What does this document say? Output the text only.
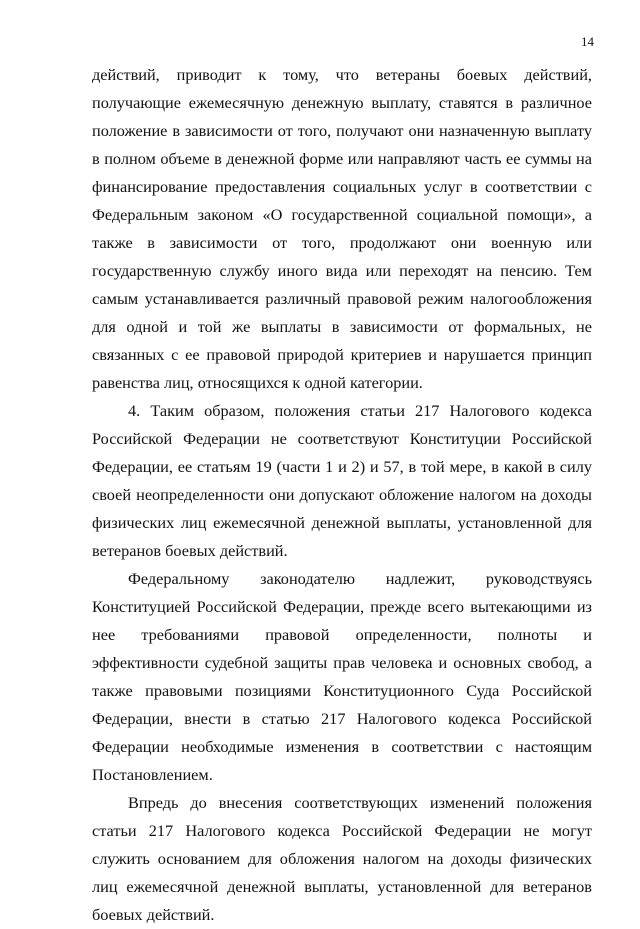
14

действий, приводит к тому, что ветераны боевых действий, получающие ежемесячную денежную выплату, ставятся в различное положение в зависимости от того, получают они назначенную выплату в полном объеме в денежной форме или направляют часть ее суммы на финансирование предоставления социальных услуг в соответствии с Федеральным законом «О государственной социальной помощи», а также в зависимости от того, продолжают они военную или государственную службу иного вида или переходят на пенсию. Тем самым устанавливается различный правовой режим налогообложения для одной и той же выплаты в зависимости от формальных, не связанных с ее правовой природой критериев и нарушается принцип равенства лиц, относящихся к одной категории.

4. Таким образом, положения статьи 217 Налогового кодекса Российской Федерации не соответствуют Конституции Российской Федерации, ее статьям 19 (части 1 и 2) и 57, в той мере, в какой в силу своей неопределенности они допускают обложение налогом на доходы физических лиц ежемесячной денежной выплаты, установленной для ветеранов боевых действий.

Федеральному законодателю надлежит, руководствуясь Конституцией Российской Федерации, прежде всего вытекающими из нее требованиями правовой определенности, полноты и эффективности судебной защиты прав человека и основных свобод, а также правовыми позициями Конституционного Суда Российской Федерации, внести в статью 217 Налогового кодекса Российской Федерации необходимые изменения в соответствии с настоящим Постановлением.

Впредь до внесения соответствующих изменений положения статьи 217 Налогового кодекса Российской Федерации не могут служить основанием для обложения налогом на доходы физических лиц ежемесячной денежной выплаты, установленной для ветеранов боевых действий.
